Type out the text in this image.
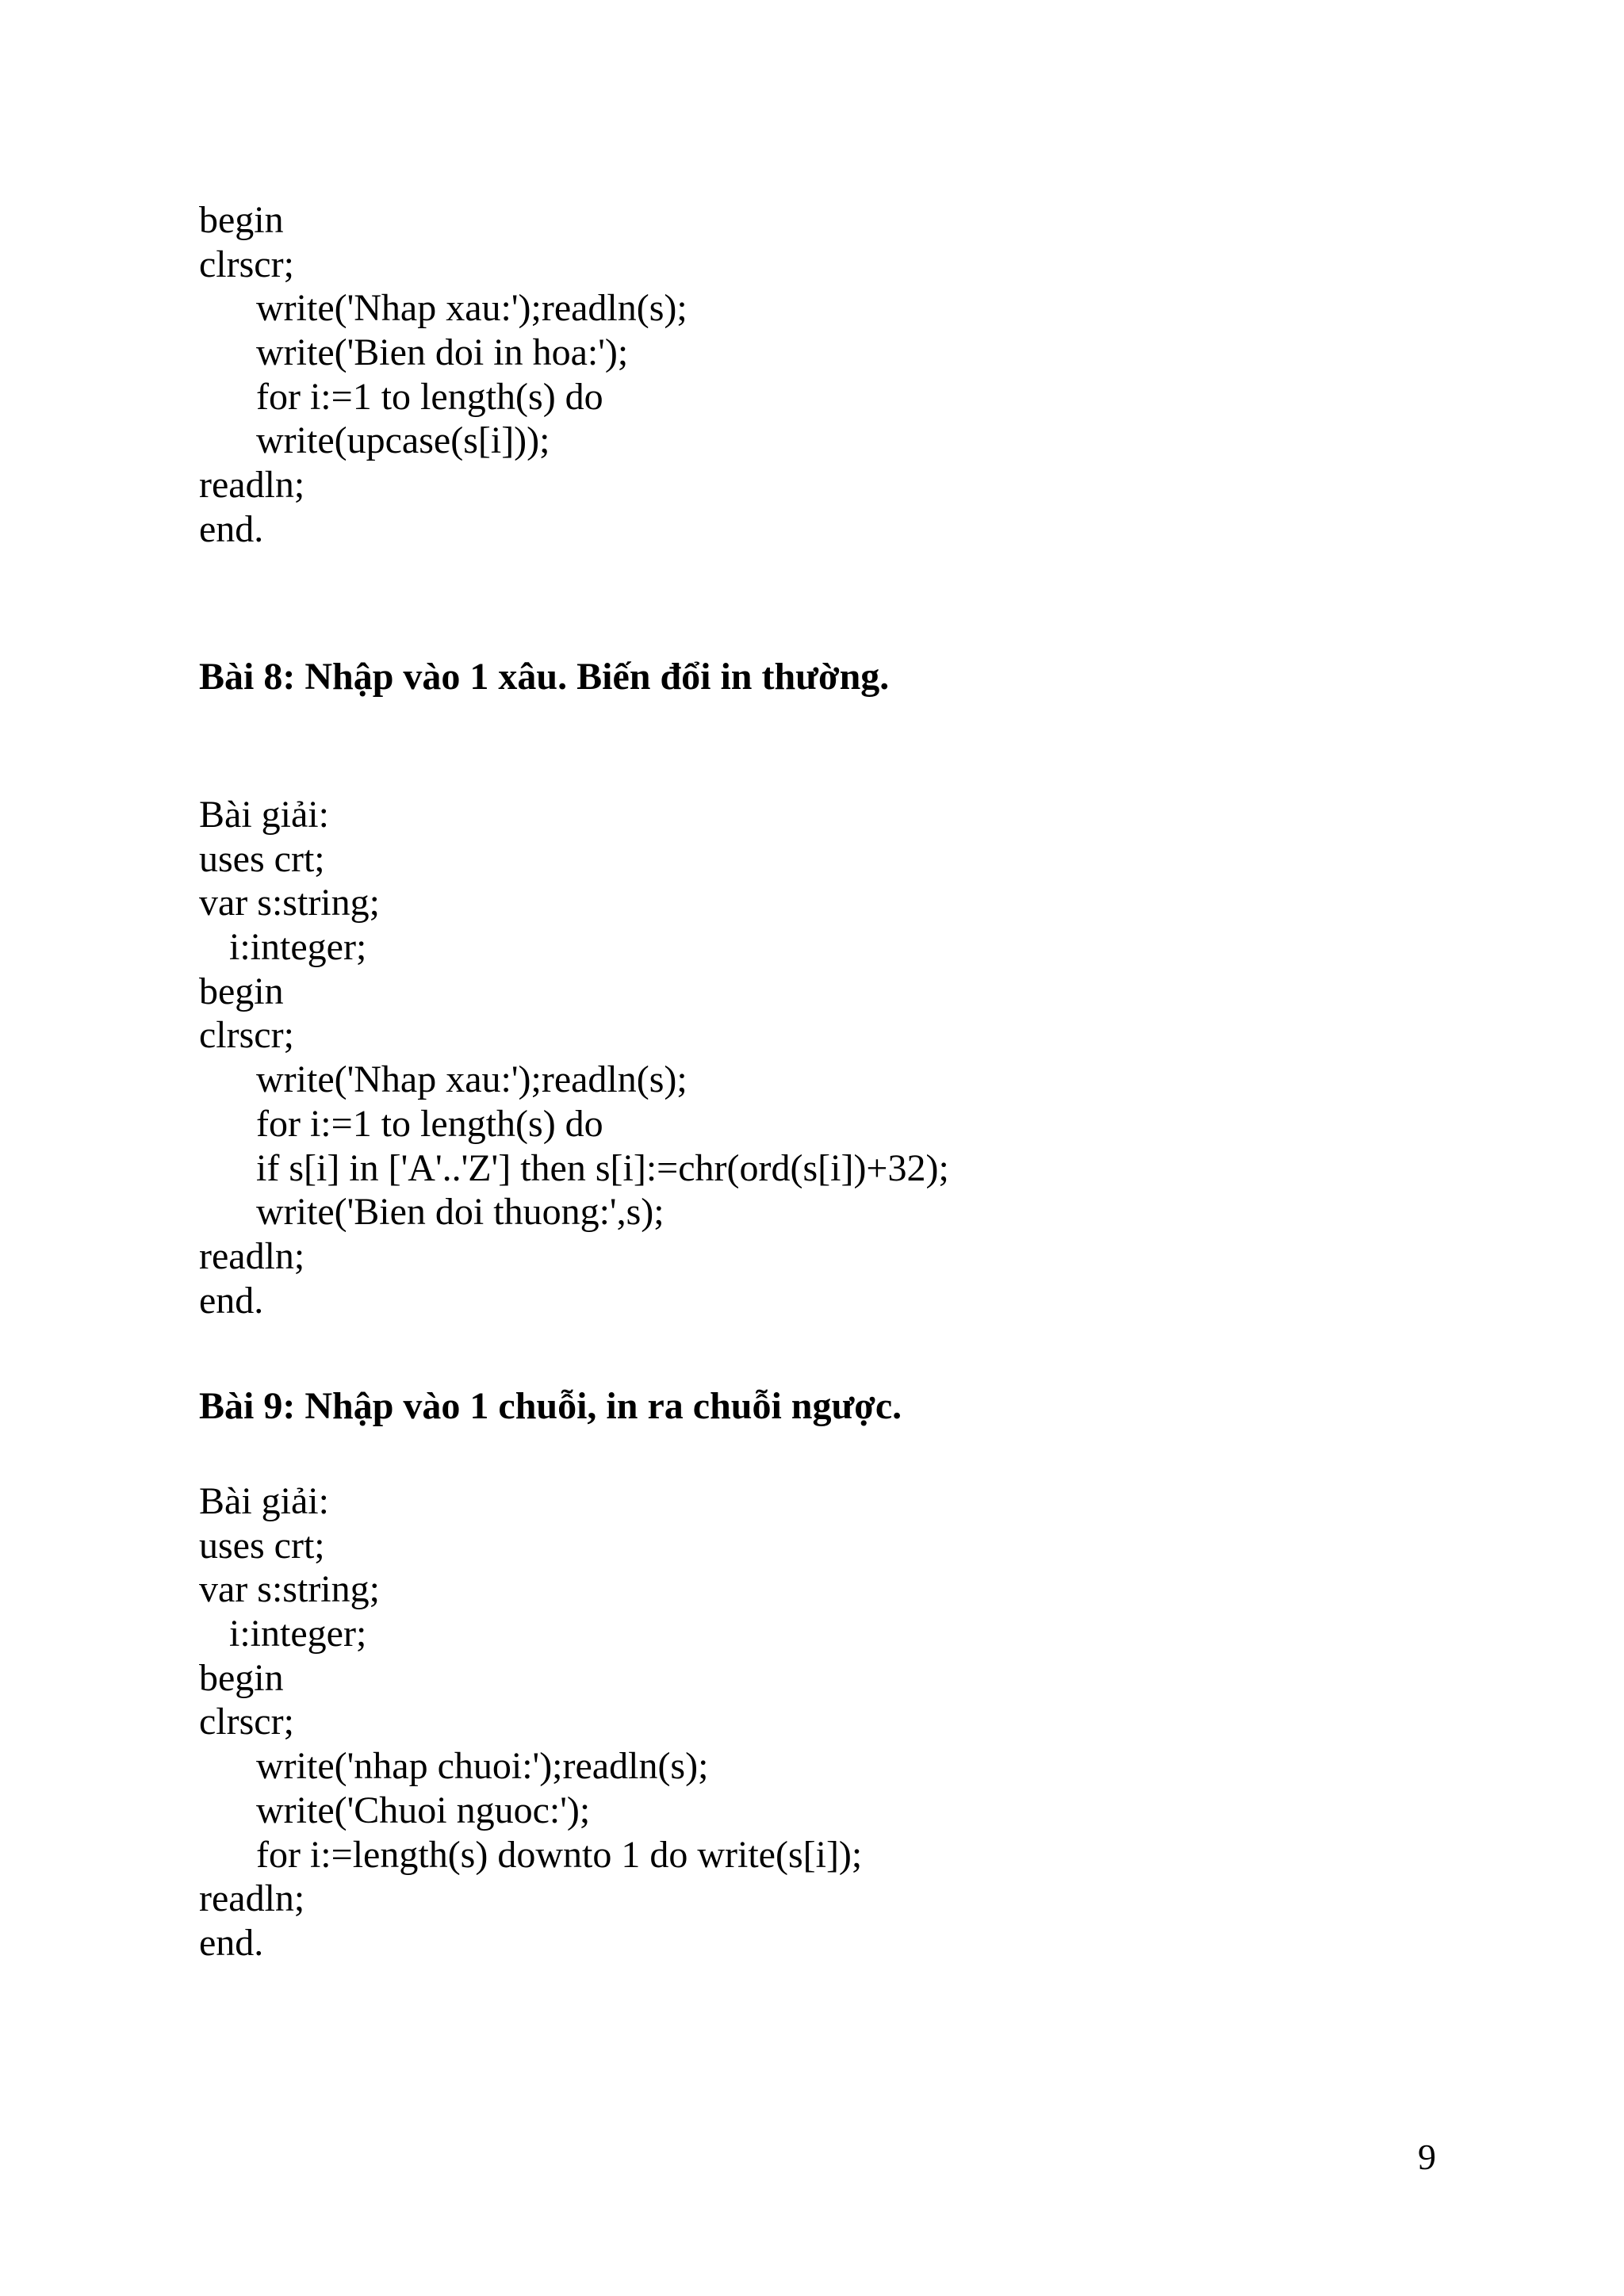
begin
clrscr;
write('Nhap xau:');readln(s);
write('Bien doi in hoa:');
for i:=1 to length(s) do
write(upcase(s[i]));
readln;
end.
Bài 8: Nhập vào 1 xâu. Biến đổi in thường.
Bài giải:
uses crt;
var s:string;
i:integer;
begin
clrscr;
write('Nhap xau:');readln(s);
for i:=1 to length(s) do
if s[i] in ['A'..'Z'] then s[i]:=chr(ord(s[i])+32);
write('Bien doi thuong:',s);
readln;
end.
Bài 9: Nhập vào 1 chuỗi, in ra chuỗi ngược.
Bài giải:
uses crt;
var s:string;
i:integer;
begin
clrscr;
write('nhap chuoi:');readln(s);
write('Chuoi nguoc:');
for i:=length(s) downto 1 do write(s[i]);
readln;
end.
9
